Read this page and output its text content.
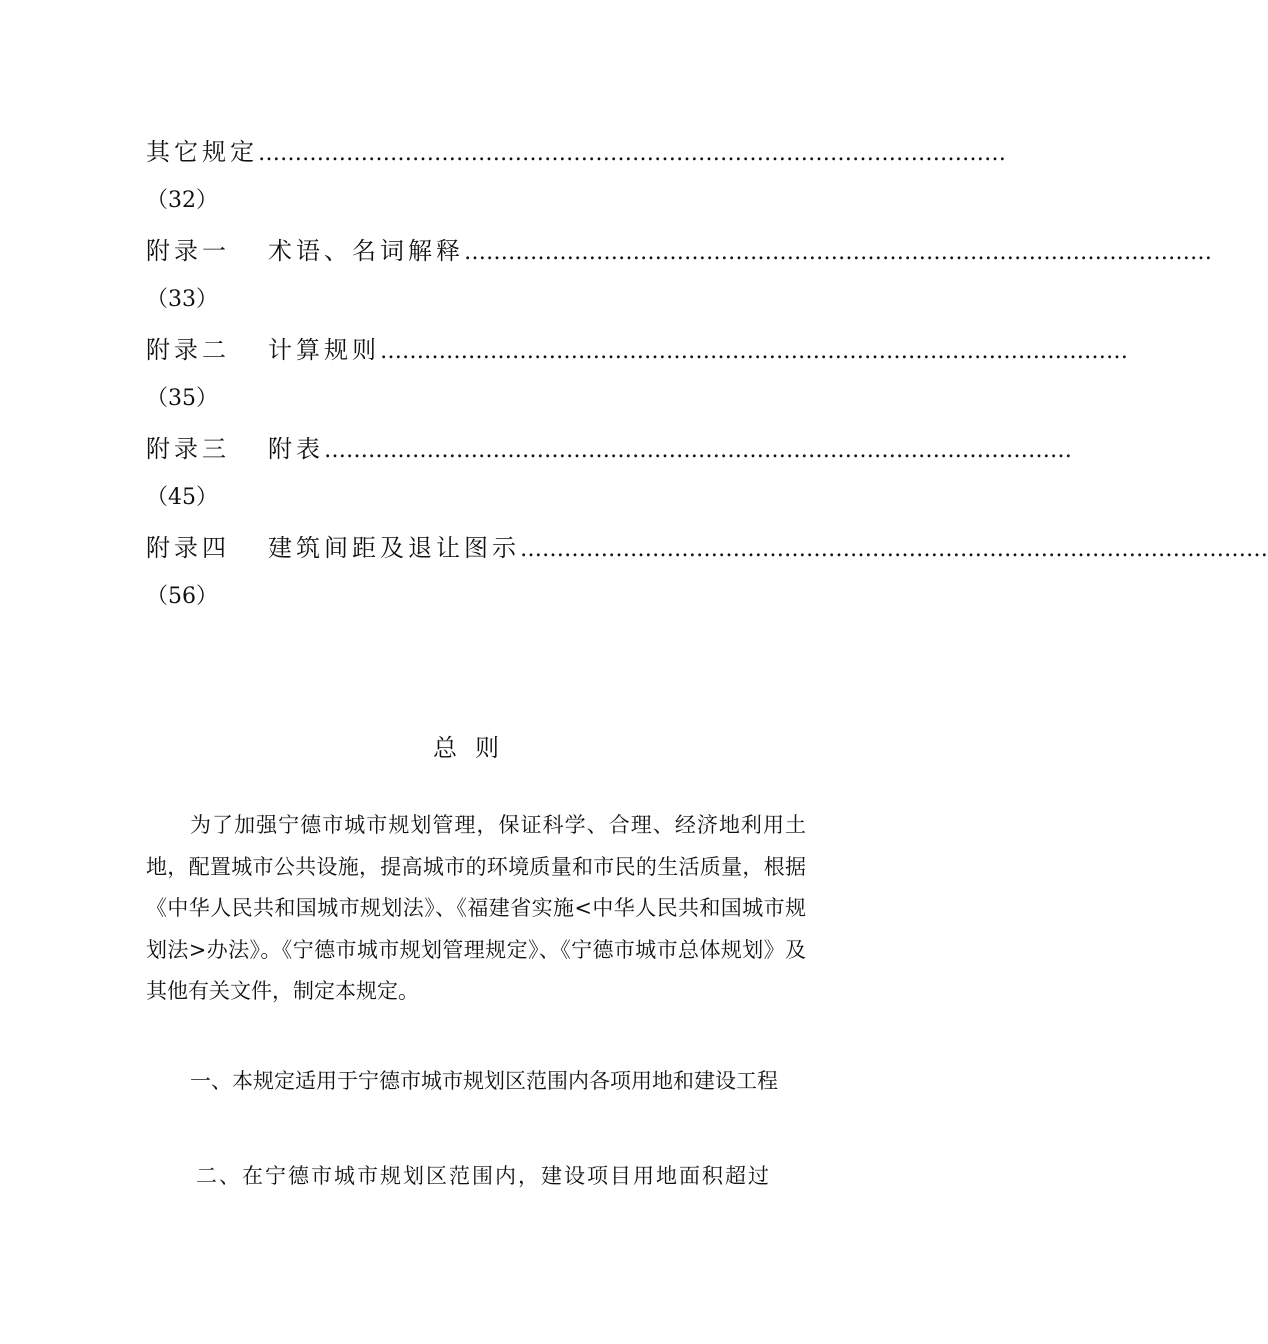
其它规定 …………………………………………………………………………………………
（32）
附录一 术语、名词解释 …………………………………………………………………………………………
（33）
附录二 计算规则 …………………………………………………………………………………………
（35）
附录三 附表 …………………………………………………………………………………………
（45）
附录四 建筑间距及退让图示 …………………………………………………………………………………………
（56）
总则

为了加强宁德市城市规划管理，保证科学、合理、经济地利用土地，配置城市公共设施，提高城市的环境质量和市民的生活质量，根据《中华人民共和国城市规划法》、《福建省实施<中华人民共和国城市规划法>办法》。《宁德市城市规划管理规定》、《宁德市城市总体规划》及其他有关文件，制定本规定。

一、本规定适用于宁德市城市规划区范围内各项用地和建设工程

二、在宁德市城市规划区范围内，建设项目用地面积超过
